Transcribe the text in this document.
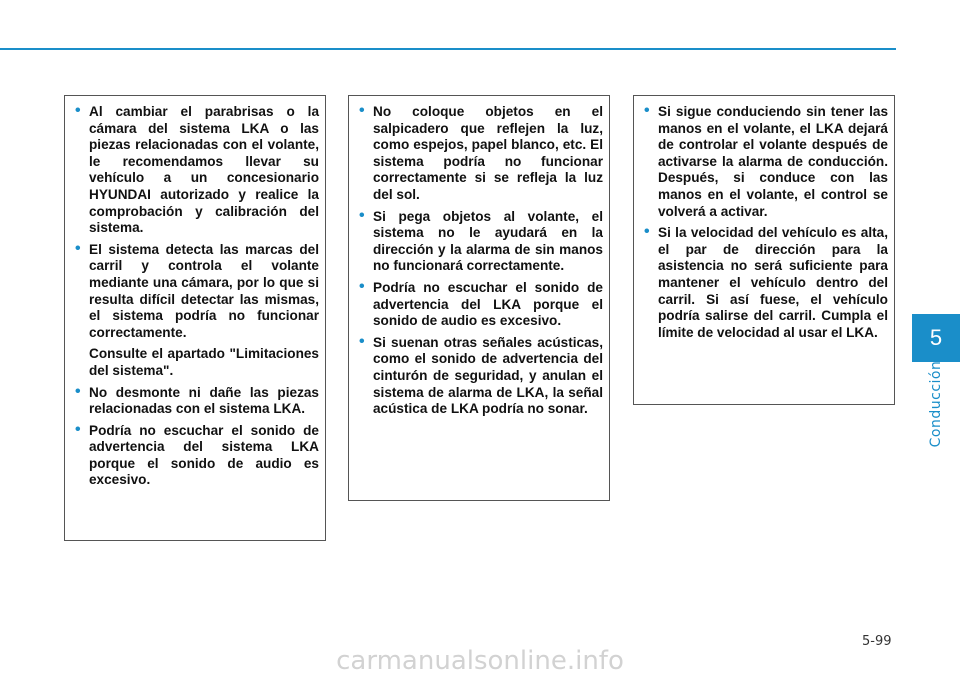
• Al cambiar el parabrisas o la cámara del sistema LKA o las piezas relacionadas con el volante, le recomendamos llevar su vehículo a un concesionario HYUNDAI autorizado y realice la comprobación y calibración del sistema.
• El sistema detecta las marcas del carril y controla el volante mediante una cámara, por lo que si resulta difícil detectar las mismas, el sistema podría no funcionar correctamente.
Consulte el apartado "Limitaciones del sistema".
• No desmonte ni dañe las piezas relacionadas con el sistema LKA.
• Podría no escuchar el sonido de advertencia del sistema LKA porque el sonido de audio es excesivo.
• No coloque objetos en el salpicadero que reflejen la luz, como espejos, papel blanco, etc. El sistema podría no funcionar correctamente si se refleja la luz del sol.
• Si pega objetos al volante, el sistema no le ayudará en la dirección y la alarma de sin manos no funcionará correctamente.
• Podría no escuchar el sonido de advertencia del LKA porque el sonido de audio es excesivo.
• Si suenan otras señales acústicas, como el sonido de advertencia del cinturón de seguridad, y anulan el sistema de alarma de LKA, la señal acústica de LKA podría no sonar.
• Si sigue conduciendo sin tener las manos en el volante, el LKA dejará de controlar el volante después de activarse la alarma de conducción. Después, si conduce con las manos en el volante, el control se volverá a activar.
• Si la velocidad del vehículo es alta, el par de dirección para la asistencia no será suficiente para mantener el vehículo dentro del carril. Si así fuese, el vehículo podría salirse del carril. Cumpla el límite de velocidad al usar el LKA.	5
Conducción
5-99
carmanualsonline.info
